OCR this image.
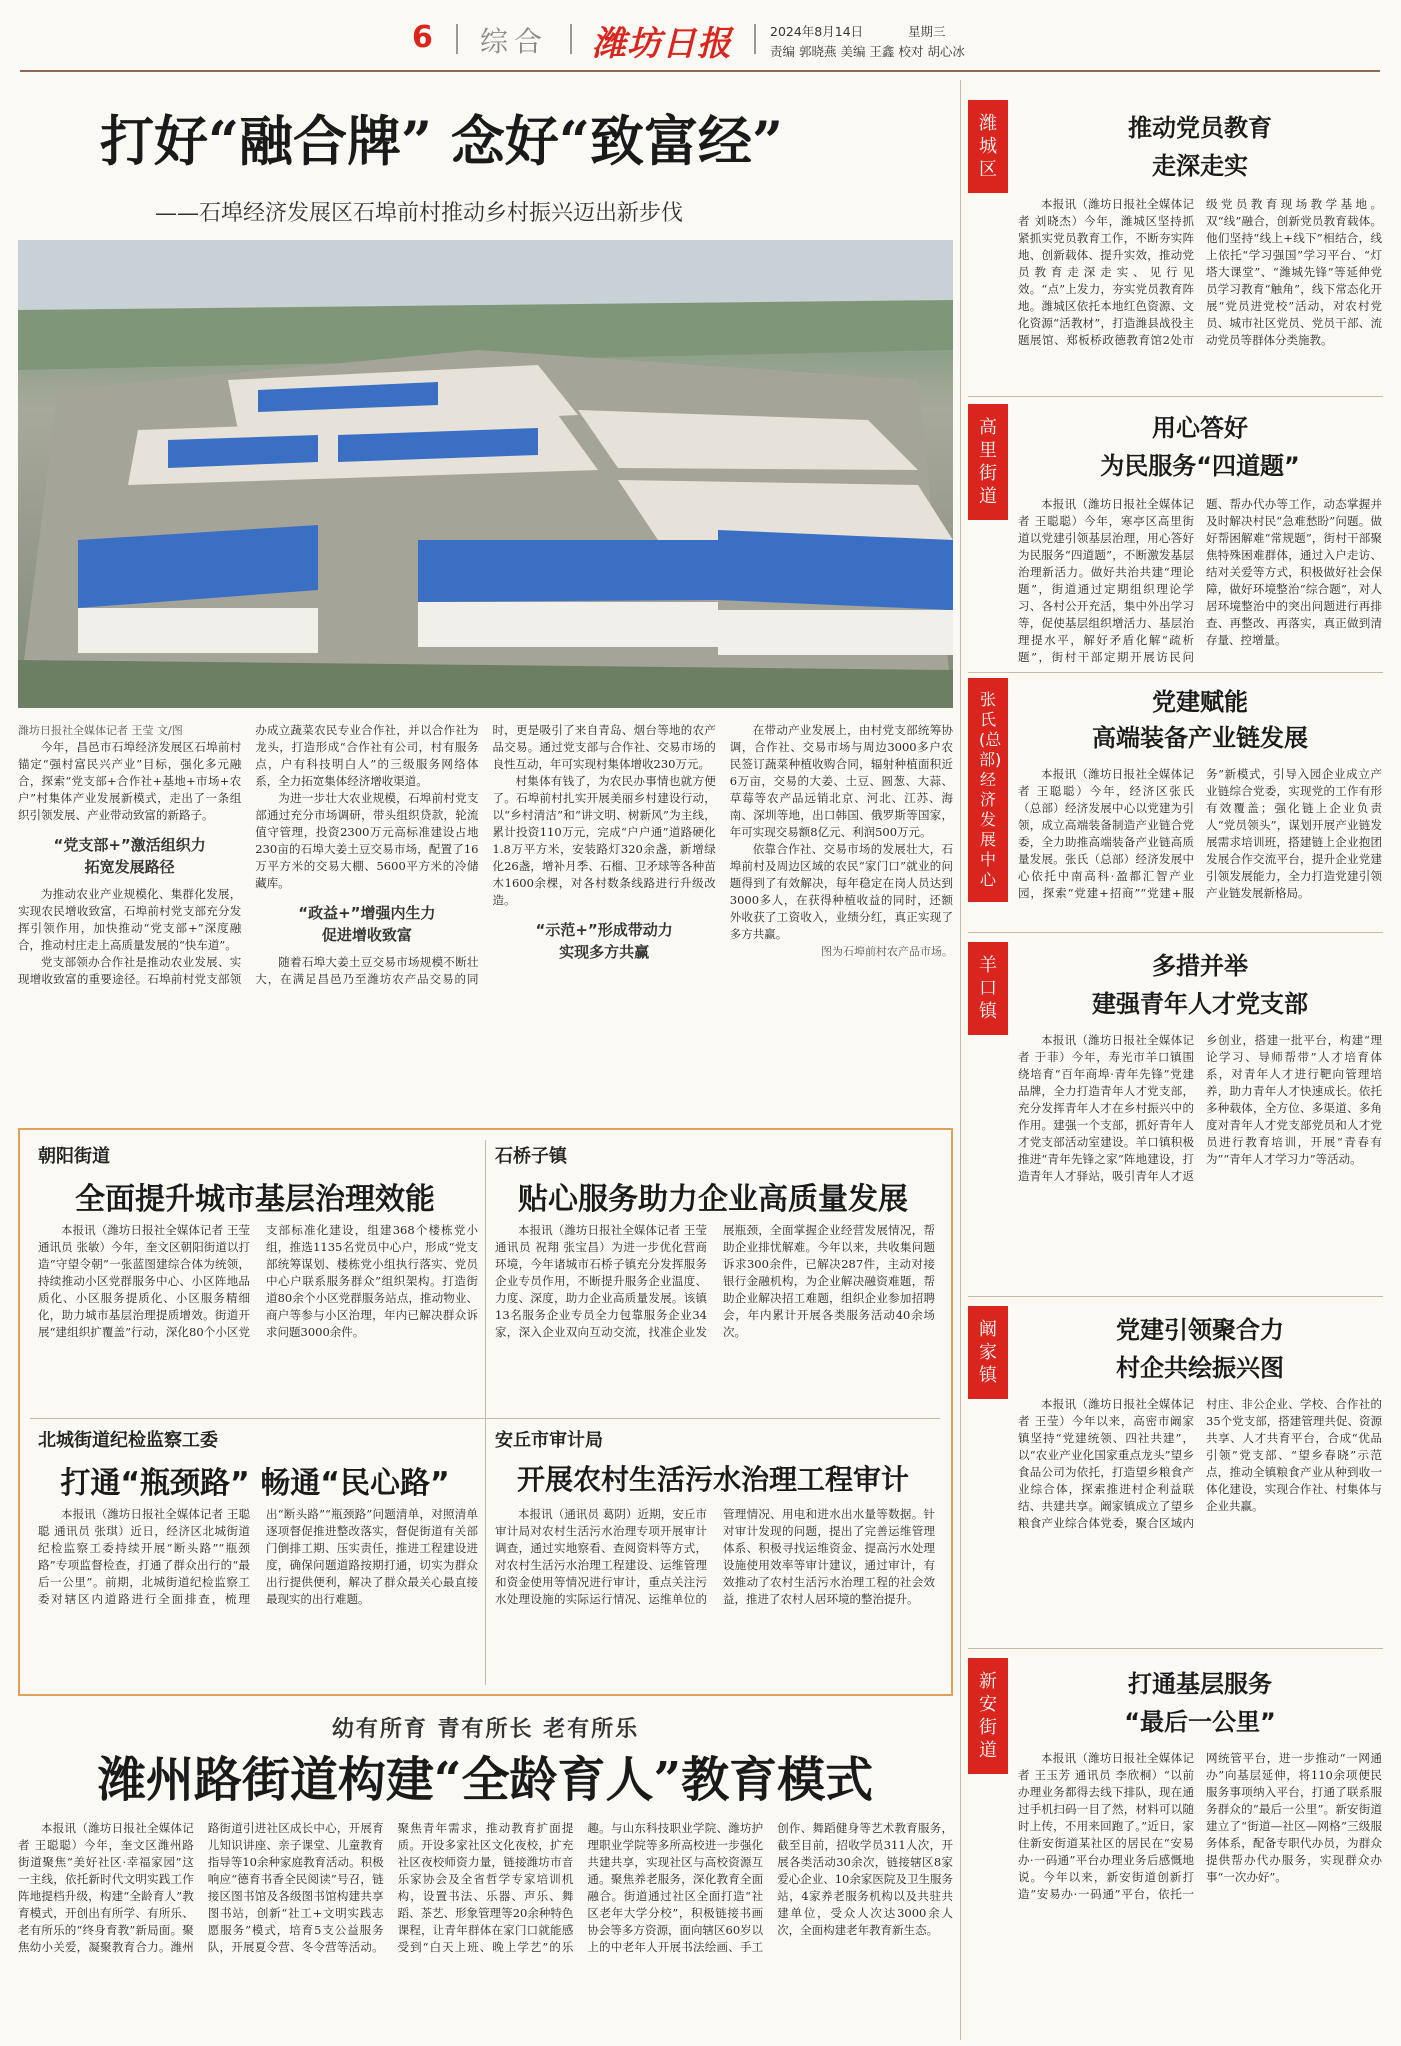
6 综合 潍坊日报	2024年8月14日	星期三
责编 郭晓燕 美编 王鑫 校对 胡心冰
打好“融合牌” 念好“致富经”
——石埠经济发展区石埠前村推动乡村振兴迈出新步伐

潍坊日报社全媒体记者 王莹 文/图

今年，昌邑市石埠经济发展区石埠前村锚定“强村富民兴产业”目标，强化多元融合，探索“党支部+合作社+基地+市场+农户”村集体产业发展新模式，走出了一条组织引领发展、产业带动致富的新路子。

“党支部+”激活组织力
拓宽发展路径

为推动农业产业规模化、集群化发展，实现农民增收致富，石埠前村党支部充分发挥引领作用，加快推动“党支部+”深度融合，推动村庄走上高质量发展的“快车道”。

党支部领办合作社是推动农业发展、实现增收致富的重要途径。石埠前村党支部领办成立蔬菜农民专业合作社，并以合作社为龙头，打造形成“合作社有公司，村有服务点，户有科技明白人”的三级服务网络体系，全力拓宽集体经济增收渠道。

为进一步壮大农业规模，石埠前村党支部通过充分市场调研，带头组织贷款，轮流值守管理，投资2300万元高标准建设占地230亩的石埠大姜土豆交易市场，配置了16万平方米的交易大棚、5600平方米的冷储藏库。

“政益+”增强内生力
促进增收致富

随着石埠大姜土豆交易市场规模不断壮大，在满足昌邑乃至潍坊农产品交易的同时，更是吸引了来自青岛、烟台等地的农产品交易。通过党支部与合作社、交易市场的良性互动，年可实现村集体增收230万元。

村集体有钱了，为农民办事情也就方便了。石埠前村扎实开展美丽乡村建设行动，以“乡村清洁”和“讲文明、树新风”为主线，累计投资110万元，完成“户户通”道路硬化1.8万平方米，安装路灯320余盏，新增绿化26盏，增补月季、石榴、卫矛球等各种苗木1600余棵，对各村数条线路进行升级改造。

“示范+”形成带动力
实现多方共赢

在带动产业发展上，由村党支部统筹协调，合作社、交易市场与周边3000多户农民签订蔬菜种植收购合同，辐射种植面积近6万亩，交易的大姜、土豆、圆葱、大蒜、草莓等农产品远销北京、河北、江苏、海南、深圳等地，出口韩国、俄罗斯等国家，年可实现交易额8亿元、利润500万元。

依靠合作社、交易市场的发展壮大，石埠前村及周边区域的农民“家门口”就业的问题得到了有效解决，每年稳定在岗人员达到3000多人，在获得种植收益的同时，还额外收获了工资收入，业绩分红，真正实现了多方共赢。

图为石埠前村农产品市场。

朝阳街道
全面提升城市基层治理效能

本报讯（潍坊日报社全媒体记者 王莹 通讯员 张敏）今年，奎文区朝阳街道以打造“守望令朝”一张蓝图建综合体为统领，持续推动小区党群服务中心、小区阵地品质化、小区服务提质化、小区服务精细化，助力城市基层治理提质增效。街道开展“建组织扩覆盖”行动，深化80个小区党支部标准化建设，组建368个楼栋党小组，推选1135名党员中心户，形成“党支部统筹谋划、楼栋党小组执行落实、党员中心户联系服务群众”组织架构。打造街道80余个小区党群服务站点，推动物业、商户等参与小区治理，年内已解决群众诉求问题3000余件。

石桥子镇
贴心服务助力企业高质量发展

本报讯（潍坊日报社全媒体记者 王莹 通讯员 祝翔 张宝昌）为进一步优化营商环境，今年诸城市石桥子镇充分发挥服务企业专员作用，不断提升服务企业温度、力度、深度，助力企业高质量发展。该镇13名服务企业专员全力包靠服务企业34家，深入企业双向互动交流，找准企业发展瓶颈，全面掌握企业经营发展情况，帮助企业排忧解难。今年以来，共收集问题诉求300余件，已解决287件，主动对接银行金融机构，为企业解决融资难题，帮助企业解决招工难题，组织企业参加招聘会，年内累计开展各类服务活动40余场次。

北城街道纪检监察工委
打通“瓶颈路” 畅通“民心路”

本报讯（潍坊日报社全媒体记者 王聪聪 通讯员 张琪）近日，经济区北城街道纪检监察工委持续开展“断头路”“瓶颈路”专项监督检查，打通了群众出行的“最后一公里”。前期，北城街道纪检监察工委对辖区内道路进行全面排查，梳理出“断头路”“瓶颈路”问题清单，对照清单逐项督促推进整改落实，督促街道有关部门倒排工期、压实责任，推进工程建设进度，确保问题道路按期打通，切实为群众出行提供便利，解决了群众最关心最直接最现实的出行难题。

安丘市审计局
开展农村生活污水治理工程审计

本报讯（通讯员 葛阴）近期，安丘市审计局对农村生活污水治理专项开展审计调查，通过实地察看、查阅资料等方式，对农村生活污水治理工程建设、运维管理和资金使用等情况进行审计，重点关注污水处理设施的实际运行情况、运维单位的管理情况、用电和进水出水量等数据。针对审计发现的问题，提出了完善运维管理体系、积极寻找运维资金、提高污水处理设施使用效率等审计建议，通过审计，有效推动了农村生活污水治理工程的社会效益，推进了农村人居环境的整治提升。

幼有所育 青有所长 老有所乐
潍州路街道构建“全龄育人”教育模式

本报讯（潍坊日报社全媒体记者 王聪聪）今年，奎文区潍州路街道聚焦“美好社区·幸福家园”这一主线，依托新时代文明实践工作阵地提档升级，构建“全龄育人”教育模式，开创出有所学、有所乐、老有所乐的“终身育教”新局面。聚焦幼小关爱，凝聚教育合力。潍州路街道引进社区成长中心，开展育儿知识讲座、亲子课堂、儿童教育指导等10余种家庭教育活动。积极响应“德育书香全民阅读”号召，链接区图书馆及各级图书馆构建共享图书站，创新“社工+文明实践志愿服务”模式，培育5支公益服务队，开展夏令营、冬令营等活动。聚焦青年需求，推动教育扩面提质。开设多家社区文化夜校，扩充社区夜校师资力量，链接潍坊市音乐家协会及全省哲学专家培训机构，设置书法、乐器、声乐、舞蹈、茶艺、形象管理等20余种特色课程，让青年群体在家门口就能感受到“白天上班、晚上学艺”的乐趣。与山东科技职业学院、潍坊护理职业学院等多所高校进一步强化共建共享，实现社区与高校资源互通。聚焦养老服务，深化教育全面融合。街道通过社区全面打造“社区老年大学分校”，积极链接书画协会等多方资源，面向辖区60岁以上的中老年人开展书法绘画、手工创作、舞蹈健身等艺术教育服务，截至目前，招收学员311人次，开展各类活动30余次，链接辖区8家爱心企业、10余家医院及卫生服务站，4家养老服务机构以及共驻共建单位，受众人次达3000余人次，全面构建老年教育新生态。

潍城区
推动党员教育
走深走实

本报讯（潍坊日报社全媒体记者 刘晓杰）今年，潍城区坚持抓紧抓实党员教育工作，不断夯实阵地、创新载体、提升实效，推动党员教育走深走实、见行见效。“点”上发力，夯实党员教育阵地。潍城区依托本地红色资源、文化资源“活教材”，打造潍县战役主题展馆、郑板桥政德教育馆2处市级党员教育现场教学基地。双“线”融合，创新党员教育载体。他们坚持“线上+线下”相结合，线上依托“学习强国”学习平台、“灯塔大课堂”、“潍城先锋”等延伸党员学习教育“触角”，线下常态化开展“党员进党校”活动，对农村党员、城市社区党员、党员干部、流动党员等群体分类施教。

高里街道
用心答好
为民服务“四道题”

本报讯（潍坊日报社全媒体记者 王聪聪）今年，寒亭区高里街道以党建引领基层治理，用心答好为民服务“四道题”，不断激发基层治理新活力。做好共治共建“理论题”，街道通过定期组织理论学习、各村公开充活，集中外出学习等，促使基层组织增活力、基层治理提水平，解好矛盾化解“疏析题”，街村干部定期开展访民问题、帮办代办等工作，动态掌握并及时解决村民“急难愁盼”问题。做好帮困解难“常规题”，街村干部聚焦特殊困难群体，通过入户走访、结对关爱等方式，积极做好社会保障，做好环境整治“综合题”，对人居环境整治中的突出问题进行再排查、再整改、再落实，真正做到清存量、控增量。

张氏(总部)经济发展中心
党建赋能
高端装备产业链发展

本报讯（潍坊日报社全媒体记者 王聪聪）今年，经济区张氏（总部）经济发展中心以党建为引领，成立高端装备制造产业链合党委，全力助推高端装备产业链高质量发展。张氏（总部）经济发展中心依托中南高科·盈都汇智产业园，探索“党建+招商”“党建+服务”新模式，引导入园企业成立产业链综合党委，实现党的工作有形有效覆盖；强化链上企业负责人“党员领头”，谋划开展产业链发展需求培训班，搭建链上企业抱团发展合作交流平台，提升企业党建引领发展能力，全力打造党建引领产业链发展新格局。

羊口镇
多措并举
建强青年人才党支部

本报讯（潍坊日报社全媒体记者 于菲）今年，寿光市羊口镇围绕培育“百年商埠·青年先锋”党建品牌，全力打造青年人才党支部，充分发挥青年人才在乡村振兴中的作用。建强一个支部，抓好青年人才党支部活动室建设。羊口镇积极推进“青年先锋之家”阵地建设，打造青年人才驿站，吸引青年人才返乡创业，搭建一批平台，构建“理论学习、导师帮带”人才培育体系，对青年人才进行靶向管理培养，助力青年人才快速成长。依托多种载体，全方位、多渠道、多角度对青年人才党支部党员和人才党员进行教育培训，开展“青春有为”“青年人才学习力”等活动。

阚家镇
党建引领聚合力
村企共绘振兴图

本报讯（潍坊日报社全媒体记者 王莹）今年以来，高密市阚家镇坚持“党建统领、四社共建”，以“农业产业化国家重点龙头”望乡食品公司为依托，打造望乡粮食产业综合体，探索推进村企利益联结、共建共享。阚家镇成立了望乡粮食产业综合体党委，聚合区域内村庄、非公企业、学校、合作社的35个党支部，搭建管理共促、资源共享、人才共育平台，合成“优品引领”党支部、“望乡春晓”示范点，推动全镇粮食产业从种到收一体化建设，实现合作社、村集体与企业共赢。

新安街道
打通基层服务
“最后一公里”

本报讯（潍坊日报社全媒体记者 王玉芳 通讯员 李欣桐）“以前办理业务都得去线下排队，现在通过手机扫码一目了然，材料可以随时上传，不用来回跑了。”近日，家住新安街道某社区的居民在“安易办·一码通”平台办理业务后感慨地说。今年以来，新安街道创新打造“安易办·一码通”平台，依托一网统管平台，进一步推动“一网通办”向基层延伸，将110余项便民服务事项纳入平台，打通了联系服务群众的“最后一公里”。新安街道建立了“街道—社区—网格”三级服务体系，配备专职代办员，为群众提供帮办代办服务，实现群众办事“一次办好”。
